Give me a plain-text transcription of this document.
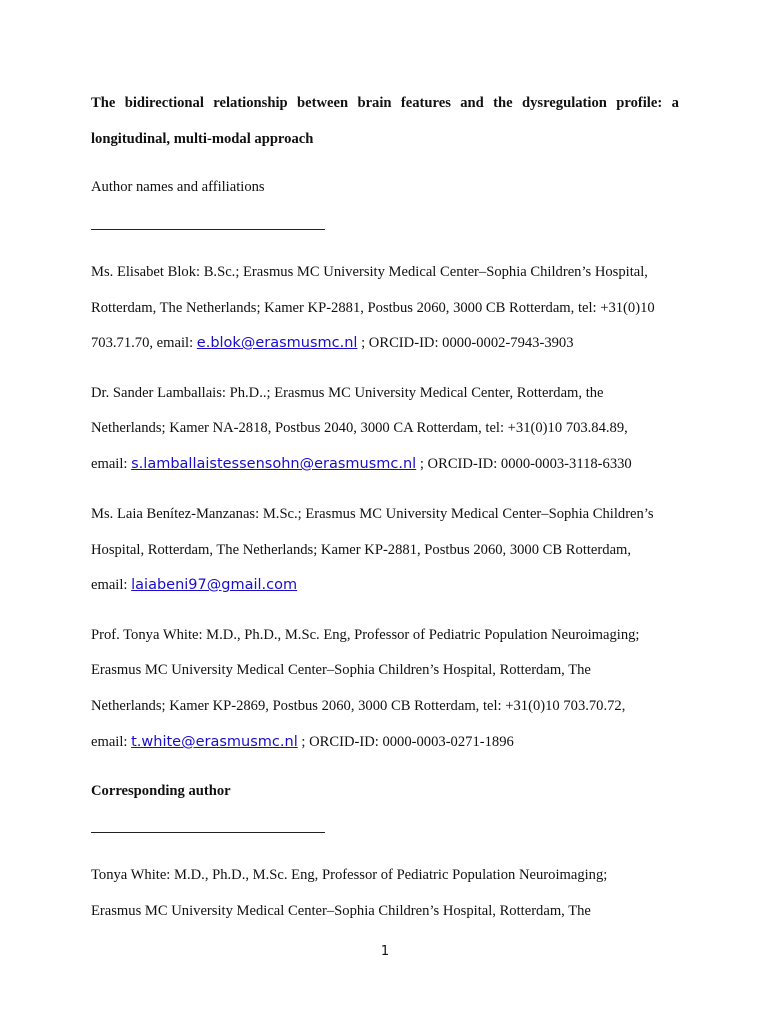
The bidirectional relationship between brain features and the dysregulation profile: a
longitudinal, multi-modal approach
Author names and affiliations
Ms. Elisabet Blok: B.Sc.; Erasmus MC University Medical Center–Sophia Children’s Hospital,
Rotterdam, The Netherlands; Kamer KP-2881, Postbus 2060, 3000 CB Rotterdam, tel: +31(0)10
703.71.70, email: e.blok@erasmusmc.nl ; ORCID-ID: 0000-0002-7943-3903
Dr. Sander Lamballais: Ph.D..; Erasmus MC University Medical Center, Rotterdam, the
Netherlands; Kamer NA-2818, Postbus 2040, 3000 CA Rotterdam, tel: +31(0)10 703.84.89,
email: s.lamballaistessensohn@erasmusmc.nl ; ORCID-ID: 0000-0003-3118-6330
Ms. Laia Benítez-Manzanas: M.Sc.; Erasmus MC University Medical Center–Sophia Children’s
Hospital, Rotterdam, The Netherlands; Kamer KP-2881, Postbus 2060, 3000 CB Rotterdam,
email: laiabeni97@gmail.com
Prof. Tonya White: M.D., Ph.D., M.Sc. Eng, Professor of Pediatric Population Neuroimaging;
Erasmus MC University Medical Center–Sophia Children’s Hospital, Rotterdam, The
Netherlands; Kamer KP-2869, Postbus 2060, 3000 CB Rotterdam, tel: +31(0)10 703.70.72,
email: t.white@erasmusmc.nl ; ORCID-ID: 0000-0003-0271-1896
Corresponding author
Tonya White: M.D., Ph.D., M.Sc. Eng, Professor of Pediatric Population Neuroimaging;
Erasmus MC University Medical Center–Sophia Children’s Hospital, Rotterdam, The
1
